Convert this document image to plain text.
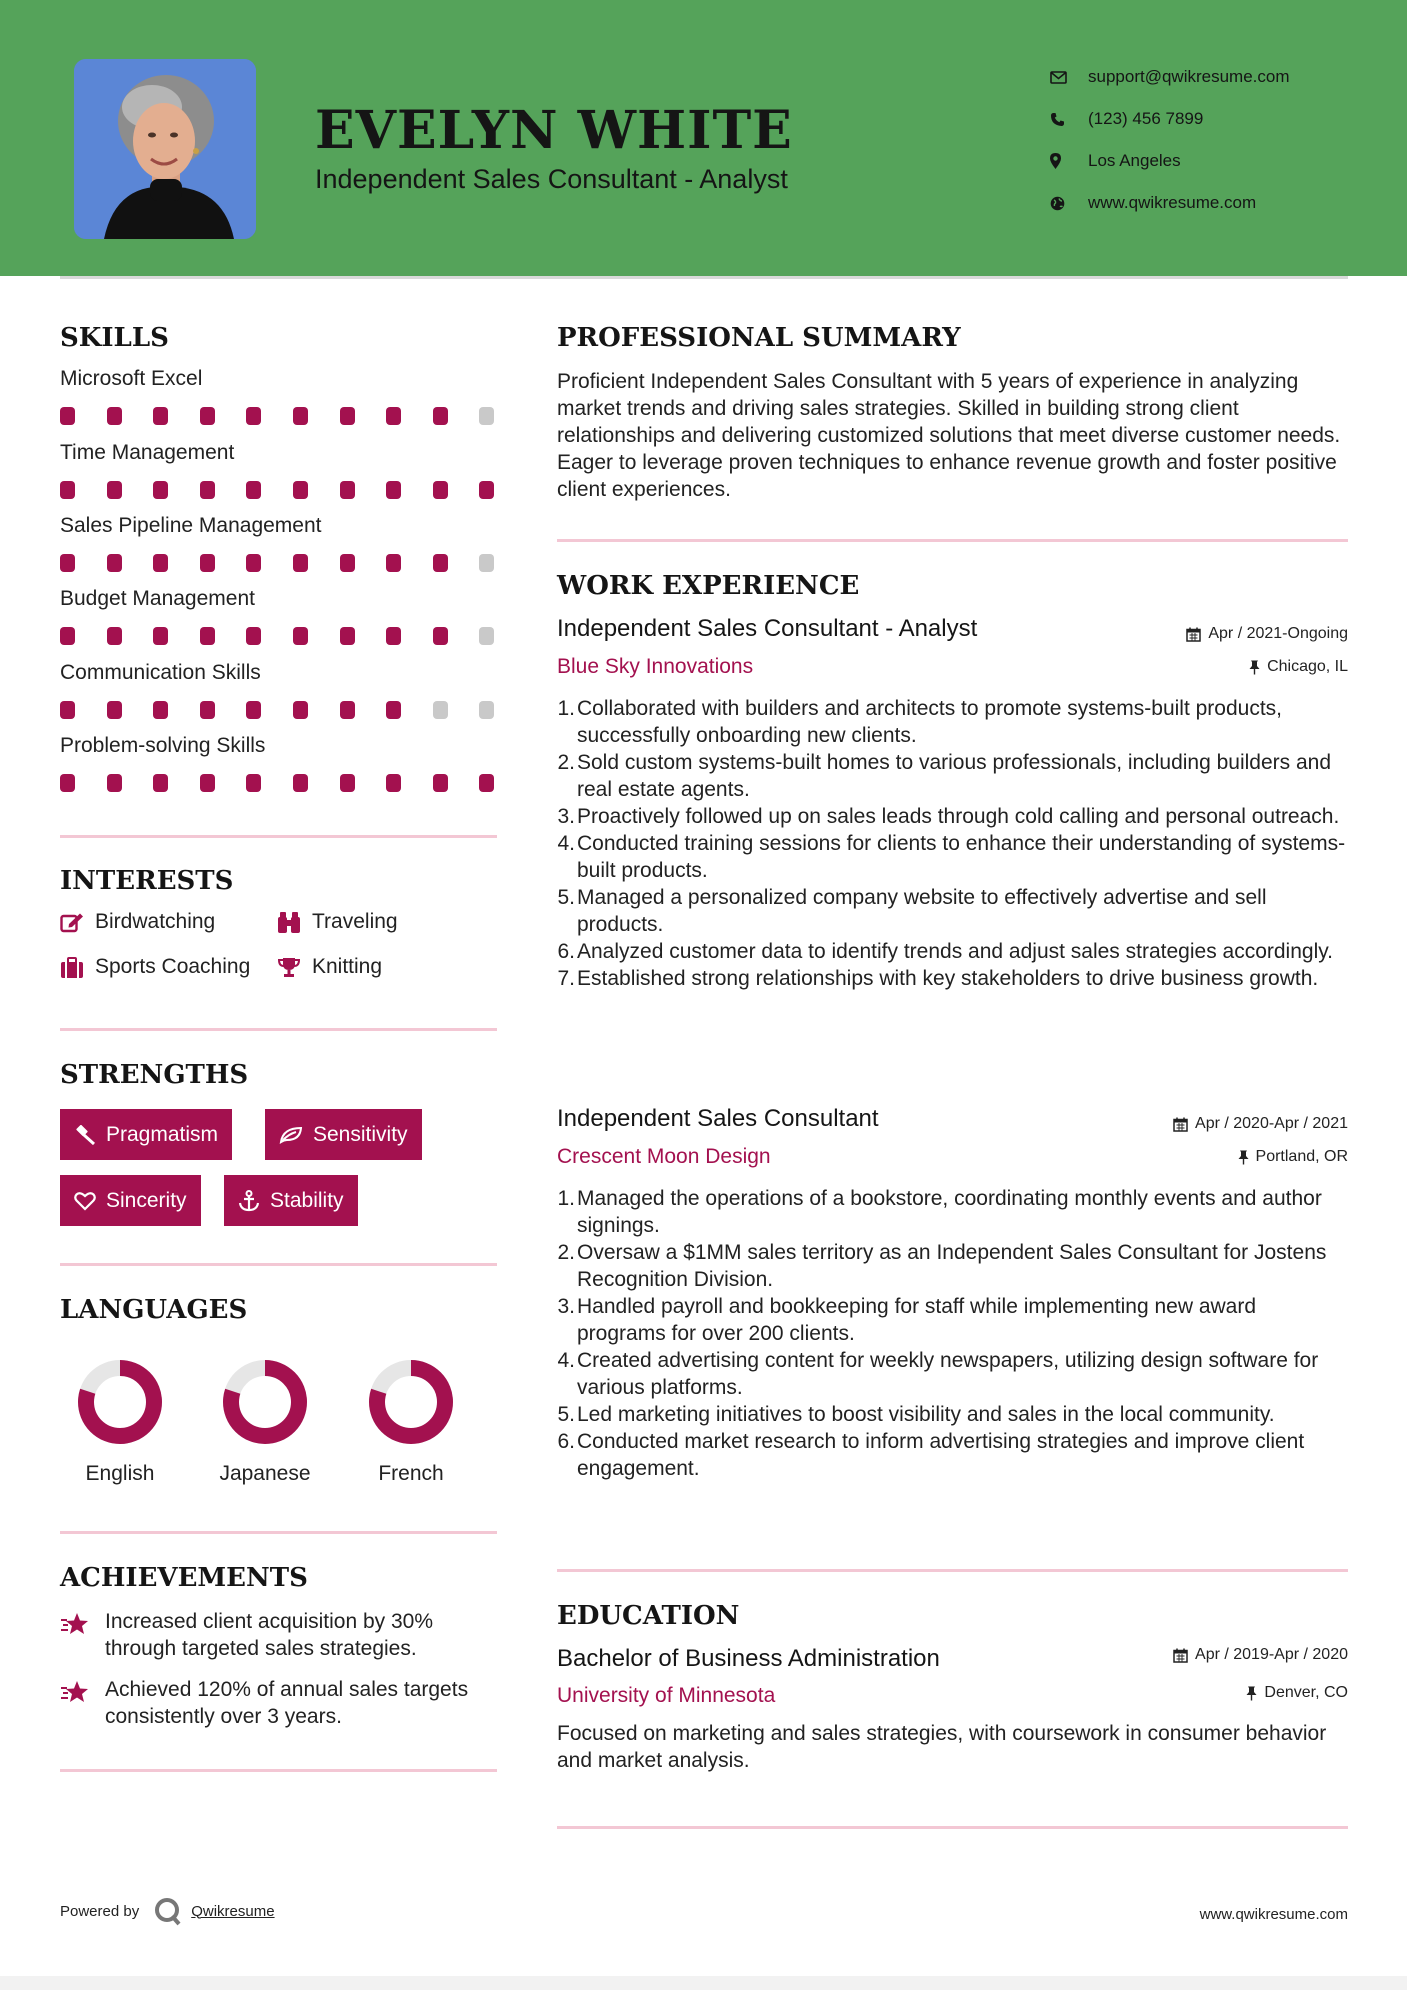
EVELYN WHITE
Independent Sales Consultant - Analyst
support@qwikresume.com
(123) 456 7899
Los Angeles
www.qwikresume.com
SKILLS
Microsoft Excel
Time Management
Sales Pipeline Management
Budget Management
Communication Skills
Problem-solving Skills
INTERESTS
Birdwatching	Traveling
Sports Coaching	Knitting
STRENGTHS
Pragmatism	Sensitivity
Sincerity	Stability
LANGUAGES
English	Japanese	French
ACHIEVEMENTS
Increased client acquisition by 30% through targeted sales strategies.
Achieved 120% of annual sales targets consistently over 3 years.
PROFESSIONAL SUMMARY
Proficient Independent Sales Consultant with 5 years of experience in analyzing market trends and driving sales strategies. Skilled in building strong client relationships and delivering customized solutions that meet diverse customer needs. Eager to leverage proven techniques to enhance revenue growth and foster positive client experiences.
WORK EXPERIENCE
Independent Sales Consultant - Analyst	Apr / 2021-Ongoing
Blue Sky Innovations	Chicago, IL
1. Collaborated with builders and architects to promote systems-built products, successfully onboarding new clients.
2. Sold custom systems-built homes to various professionals, including builders and real estate agents.
3. Proactively followed up on sales leads through cold calling and personal outreach.
4. Conducted training sessions for clients to enhance their understanding of systems-built products.
5. Managed a personalized company website to effectively advertise and sell products.
6. Analyzed customer data to identify trends and adjust sales strategies accordingly.
7. Established strong relationships with key stakeholders to drive business growth.
Independent Sales Consultant	Apr / 2020-Apr / 2021
Crescent Moon Design	Portland, OR
1. Managed the operations of a bookstore, coordinating monthly events and author signings.
2. Oversaw a $1MM sales territory as an Independent Sales Consultant for Jostens Recognition Division.
3. Handled payroll and bookkeeping for staff while implementing new award programs for over 200 clients.
4. Created advertising content for weekly newspapers, utilizing design software for various platforms.
5. Led marketing initiatives to boost visibility and sales in the local community.
6. Conducted market research to inform advertising strategies and improve client engagement.
EDUCATION
Bachelor of Business Administration	Apr / 2019-Apr / 2020
University of Minnesota	Denver, CO
Focused on marketing and sales strategies, with coursework in consumer behavior and market analysis.
Powered by	Qwikresume	www.qwikresume.com
